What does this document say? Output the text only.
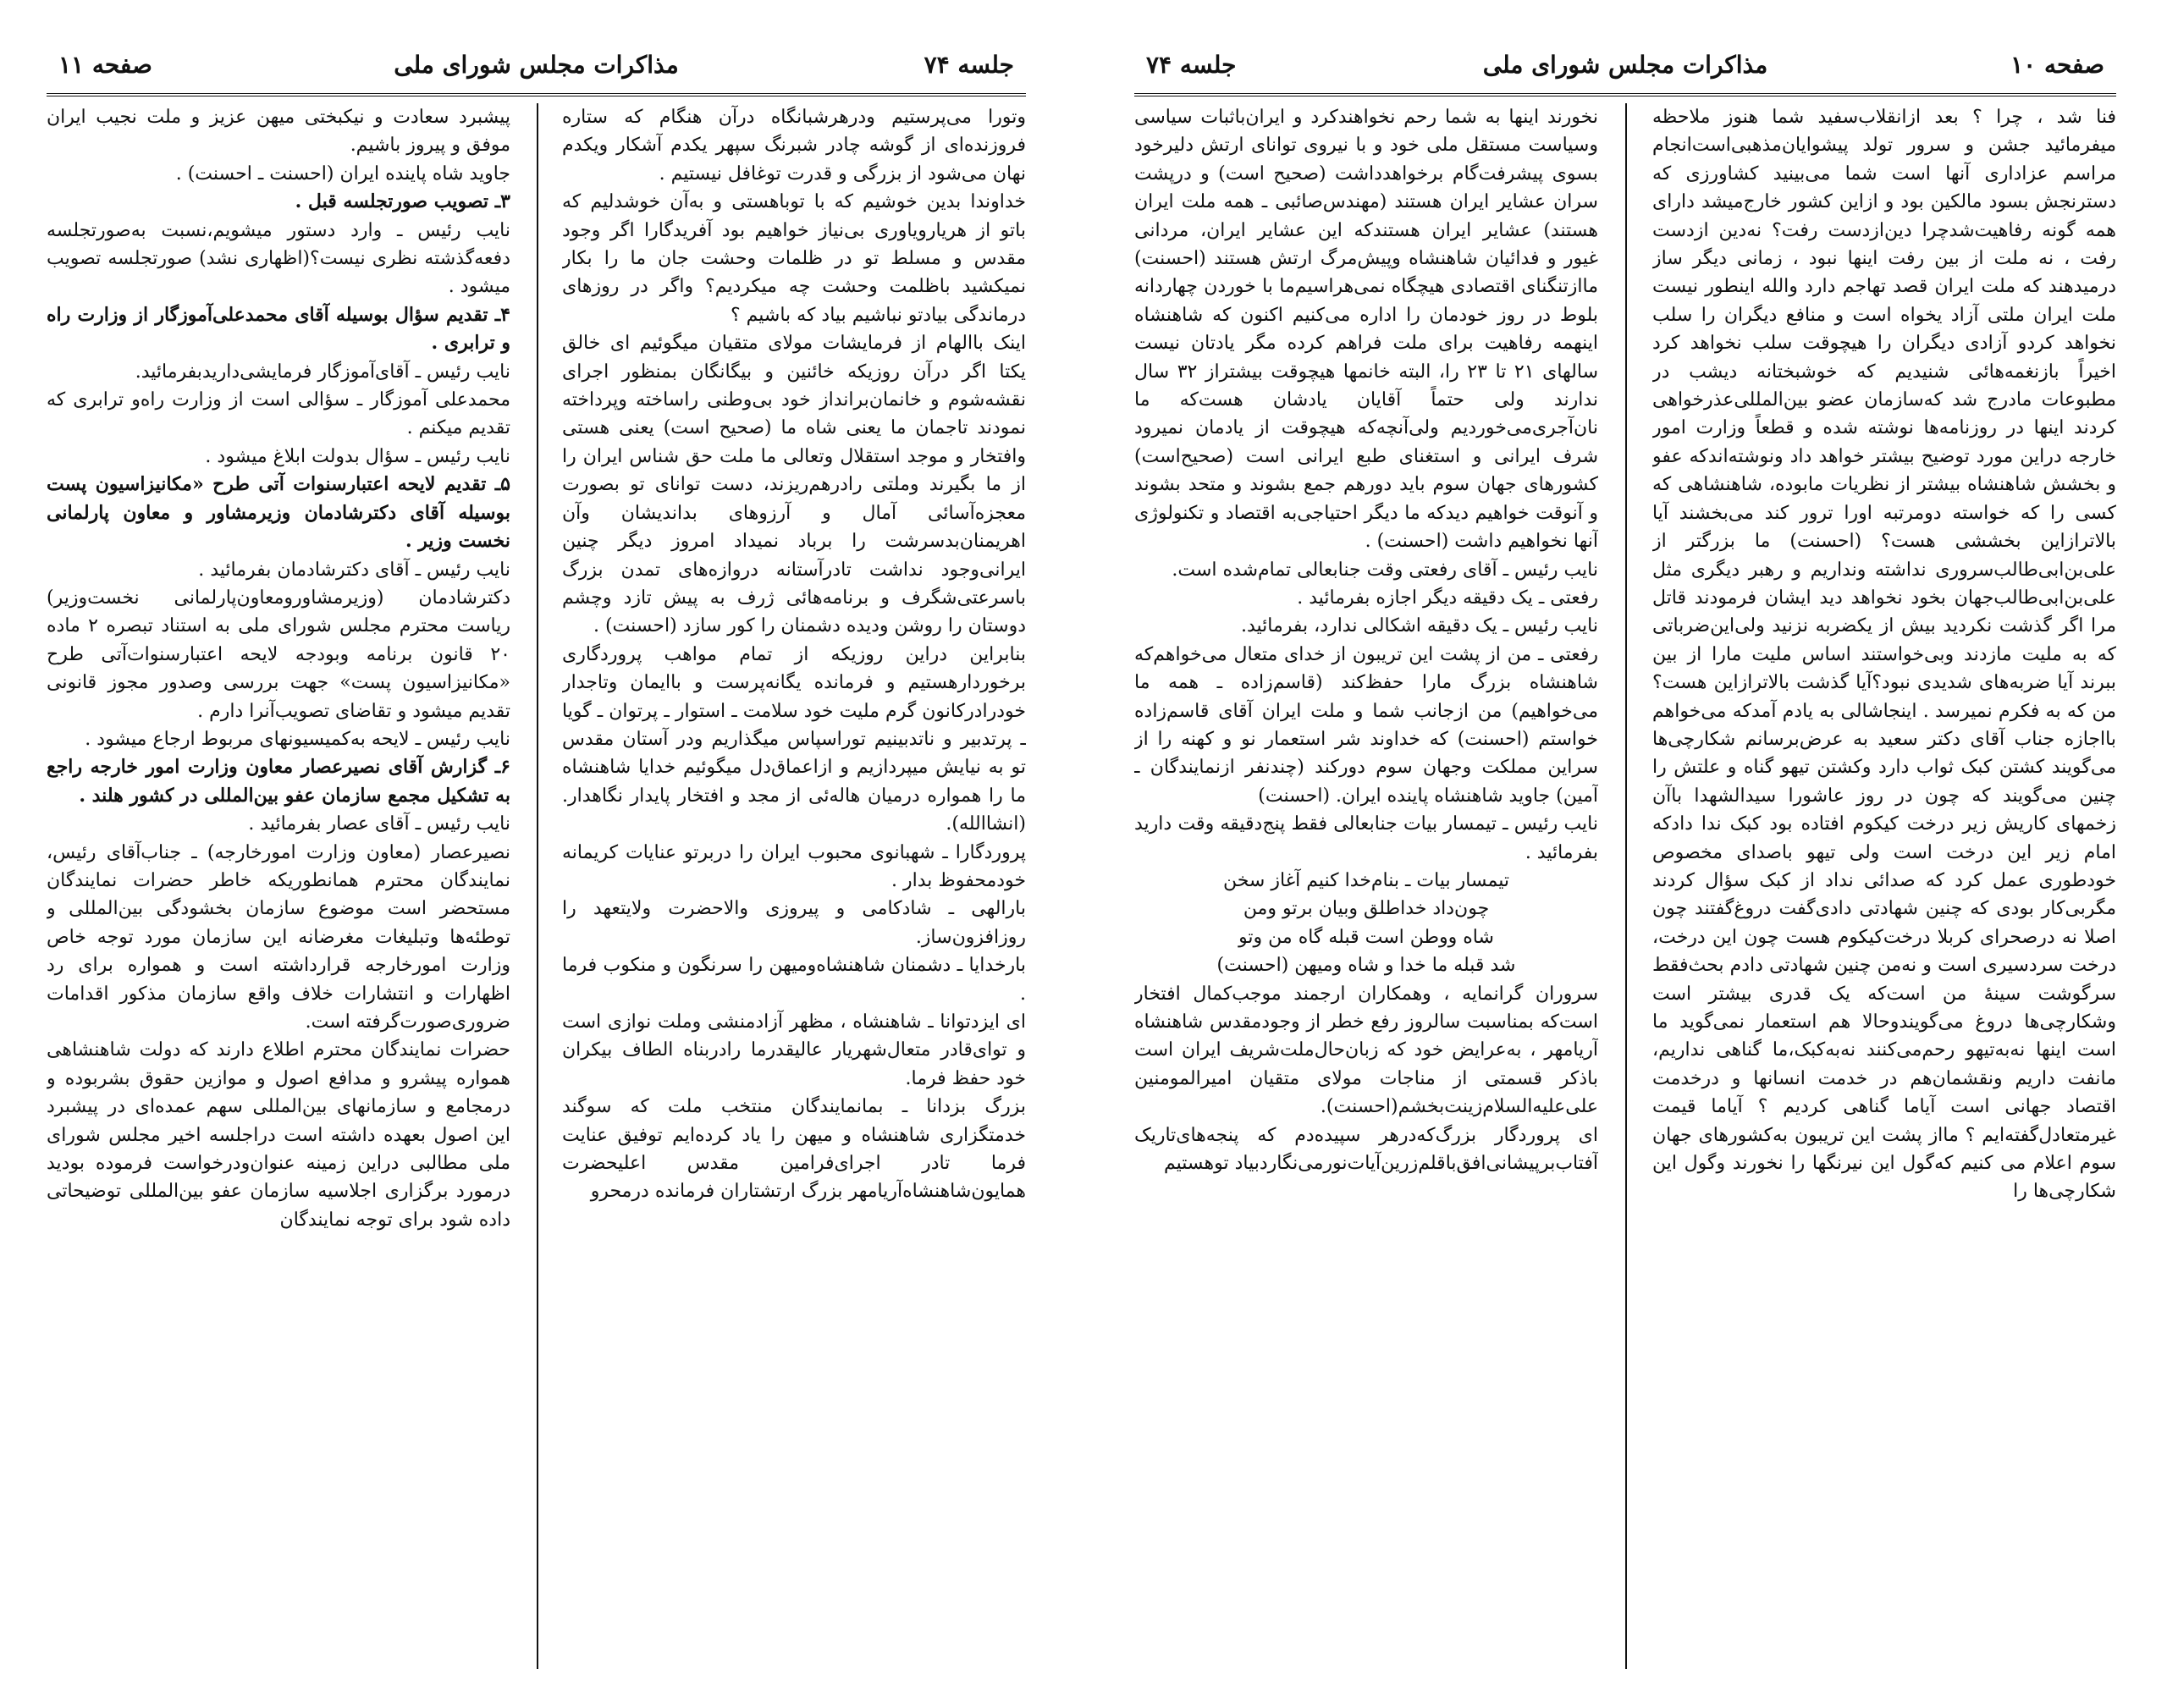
صفحه ۱۱	مذاکرات مجلس شورای ملی	جلسه ۷۴

وتورا می‌پرستیم ودرهرشبانگاه درآن هنگام که ستاره فروزنده‌ای از گوشه چادر شبرنگ سپهر یکدم آشکار ویکدم نهان می‌شود از بزرگی و قدرت توغافل نیستیم .

خداوندا بدین خوشیم که با توباهستی و به‌آن خوشدلیم که باتو از هریارویاوری بی‌نیاز خواهیم بود آفریدگارا اگر وجود مقدس و مسلط تو در ظلمات وحشت جان ما را بکار نمیکشید باظلمت وحشت چه میکردیم؟ واگر در روزهای درماندگی بیادتو نباشیم بیاد که باشیم ؟

اینک باالهام از فرمایشات مولای متقیان میگوئیم ای خالق یکتا اگر درآن روزیکه خائنین و بیگانگان بمنظور اجرای نقشه‌شوم و خانمان‌برانداز خود بی‌وطنی راساخته وپرداخته نمودند تاجمان ما یعنی شاه ما (صحیح است) یعنی هستی وافتخار و موجد استقلال وتعالی ما ملت حق شناس ایران را از ما بگیرند وملتی رادرهم‌ریزند، دست توانای تو بصورت معجزه‌آسائی آمال و آرزوهای بداندیشان وآن اهریمنان‌بدسرشت را برباد نمیداد امروز دیگر چنین ایرانی‌وجود نداشت تادرآستانه دروازه‌های تمدن بزرگ باسرعتی‌شگرف و برنامه‌هائی ژرف به پیش تازد وچشم دوستان را روشن ودیده دشمنان را کور سازد (احسنت) .

بنابراین دراین روزیکه از تمام مواهب پروردگاری برخوردارهستیم و فرمانده یگانه‌پرست و باایمان وتاجدار خودرادرکانون گرم ملیت خود سلامت ـ استوار ـ پرتوان ـ گویا ـ پرتدبیر و ناتدبینیم توراسپاس میگذاریم ودر آستان مقدس تو به نیایش میپردازیم و ازاعماق‌دل میگوئیم خدایا شاهنشاه ما را همواره درمیان هاله‌ئی از مجد و افتخار پایدار نگاهدار. (انشاالله).

پروردگارا ـ شهبانوی محبوب ایران را دربرتو عنایات کریمانه خودمحفوظ بدار .

بارالهی ـ شادکامی و پیروزی والاحضرت ولایتعهد را روزافزون‌ساز.

بارخدایا ـ دشمنان شاهنشاه‌ومیهن را سرنگون و منکوب فرما .

ای ایزدتوانا ـ شاهنشاه ، مظهر آزادمنشی وملت نوازی است و توای‌قادر متعال‌شهریار عالیقدرما رادربناه الطاف بیکران خود حفظ فرما.

بزرگ بزدانا ـ بمانمایندگان منتخب ملت که سوگند خدمتگزاری شاهنشاه و میهن را یاد کرده‌ایم توفیق عنایت فرما تادر اجرای‌فرامین مقدس اعلیحضرت همایون‌شاهنشاه‌آریامهر بزرگ ارتشتاران فرمانده درمحرو

پیشبرد سعادت و نیکبختی میهن عزیز و ملت نجیب ایران موفق و پیروز باشیم.

جاوید شاه پاینده ایران (احسنت ـ احسنت) .

۳ـ تصویب صورتجلسه قبل .

نایب رئیس ـ وارد دستور میشویم،نسبت به‌صورتجلسه دفعه‌گذشته نظری نیست؟(اظهاری نشد) صورتجلسه تصویب میشود .

۴ـ تقدیم سؤال بوسیله آقای محمدعلی‌آموزگار از وزارت راه و ترابری .

نایب رئیس ـ آقای‌آموزگار فرمایشی‌داریدبفرمائید.

محمدعلی آموزگار ـ سؤالی است از وزارت راه‌و ترابری که تقدیم میکنم .

نایب رئیس ـ سؤال بدولت ابلاغ میشود .

۵ـ تقدیم لایحه اعتبارسنوات آتی طرح «مکانیزاسیون پست بوسیله آقای دکترشادمان وزیرمشاور و معاون پارلمانی نخست وزیر .

نایب رئیس ـ آقای دکترشادمان بفرمائید .

دکترشادمان (وزیرمشاورومعاون‌پارلمانی نخست‌وزیر) ریاست محترم مجلس شورای ملی به استناد تبصره ۲ ماده ۲۰ قانون برنامه وبودجه لایحه اعتبارسنوات‌آتی طرح «مکانیزاسیون پست» جهت بررسی وصدور مجوز قانونی تقدیم میشود و تقاضای تصویب‌آنرا دارم .

نایب رئیس ـ لایحه به‌کمیسیونهای مربوط ارجاع میشود .

۶ـ گزارش آقای نصیرعصار معاون وزارت امور خارجه راجع به تشکیل مجمع سازمان عفو بین‌المللی در کشور هلند .

نایب رئیس ـ آقای عصار بفرمائید .

نصیرعصار (معاون وزارت امورخارجه) ـ جناب‌آقای رئیس، نمایندگان محترم همانطوریکه خاطر حضرات نمایندگان مستحضر است موضوع سازمان بخشودگی بین‌المللی و توطئه‌ها وتبلیغات مغرضانه این سازمان مورد توجه خاص وزارت امورخارجه قرارداشته است و همواره برای رد اظهارات و انتشارات خلاف واقع سازمان مذکور اقدامات ضروری‌صورت‌گرفته است.

حضرات نمایندگان محترم اطلاع دارند که دولت شاهنشاهی همواره پیشرو و مدافع اصول و موازین حقوق بشربوده و درمجامع و سازمانهای بین‌المللی سهم عمده‌ای در پیشبرد این اصول بعهده داشته است دراجلسه اخیر مجلس شورای ملی مطالبی دراین زمینه عنوان‌ودرخواست فرموده بودید درمورد برگزاری اجلاسیه سازمان عفو بین‌المللی توضیحاتی داده شود برای توجه نمایندگان

جلسه ۷۴	مذاکرات مجلس شورای ملی	صفحه ۱۰

فنا شد ، چرا ؟ بعد ازانقلاب‌سفید شما هنوز ملاحظه میفرمائید جشن و سرور تولد پیشوایان‌مذهبی‌است‌انجام مراسم عزاداری آنها است شما می‌بینید کشاورزی که دسترنجش بسود مالکین بود و ازاین کشور خارج‌میشد دارای همه گونه رفاهیت‌شدچرا دین‌ازدست رفت؟ نه‌دین ازدست رفت ، نه ملت از بین رفت اینها نبود ، زمانی دیگر ساز درمیدهند که ملت ایران قصد تهاجم دارد والله اینطور نیست ملت ایران ملتی آزاد یخواه است و منافع دیگران را سلب نخواهد کردو آزادی دیگران را هیچوقت سلب نخواهد کرد اخیراً بازنغمه‌هائی شنیدیم که خوشبختانه دیشب در مطبوعات مادرج شد که‌سازمان عضو بین‌المللی‌عذرخواهی کردند اینها در روزنامه‌ها نوشته شده و قطعاً وزارت امور خارجه دراین مورد توضیح بیشتر خواهد داد ونوشته‌اندکه عفو و بخشش شاهنشاه بیشتر از نظریات مابوده، شاهنشاهی که کسی را که خواسته دومرتبه اورا ترور کند می‌بخشند آیا بالاترازاین بخششی هست؟ (احسنت) ما بزرگتر از علی‌بن‌ابی‌طالب‌سروری نداشته ونداریم و رهبر دیگری مثل علی‌بن‌ابی‌طالب‌جهان بخود نخواهد دید ایشان فرمودند قاتل مرا اگر گذشت نکردید بیش از یکضربه نزنید ولی‌این‌ضرباتی که به ملیت مازدند وبی‌خواستند اساس ملیت مارا از بین ببرند آیا ضربه‌های شدیدی نبود؟آیا گذشت بالاترازاین هست؟ من که به فکرم نمیرسد . اینجاشالی به یادم آمدکه می‌خواهم بااجازه جناب آقای دکتر سعید به عرض‌برسانم شکارچی‌ها می‌گویند کشتن کبک ثواب دارد وکشتن تیهو گناه و علتش را چنین می‌گویند که چون در روز عاشورا سیدالشهدا باآن زخمهای کاریش زیر درخت کیکوم افتاده بود کبک ندا دادکه امام زیر این درخت است ولی تیهو باصدای مخصوص خودطوری عمل کرد که صدائی نداد از کبک سؤال کردند مگربی‌کار بودی که چنین شهادتی دادی‌گفت دروغ‌گفتند چون اصلا نه درصحرای کربلا درخت‌کیکوم هست چون این درخت، درخت سردسیری است و نه‌من چنین شهادتی دادم بحث‌فقط سرگوشت سینهٔ من است‌که یک قدری بیشتر است وشکارچی‌ها دروغ می‌گویندوحالا هم استعمار نمی‌گوید ما است اینها نه‌به‌تیهو رحم‌می‌کنند نه‌به‌کبک،ما گناهی نداریم، مانفت داریم ونقشمان‌هم در خدمت انسانها و درخدمت اقتصاد جهانی است آیاما گناهی کردیم ؟ آیاما قیمت غیرمتعادل‌گفته‌ایم ؟ مااز پشت این تریبون به‌کشورهای جهان سوم اعلام می کنیم که‌گول این نیرنگها را نخورند وگول این شکارچی‌ها را

نخورند اینها به شما رحم نخواهندکرد و ایران‌باثبات سیاسی وسیاست مستقل ملی خود و با نیروی توانای ارتش دلیرخود بسوی پیشرفت‌گام برخواهدداشت (صحیح است) و درپشت سران عشایر ایران هستند (مهندس‌صائبی ـ همه ملت ایران هستند) عشایر ایران هستندکه این عشایر ایران، مردانی غیور و فدائیان شاهنشاه وپیش‌مرگ ارتش هستند (احسنت) ماازتنگنای اقتصادی هیچگاه نمی‌هراسیم‌ما با خوردن چهاردانه بلوط در روز خودمان را اداره می‌کنیم اکنون که شاهنشاه اینهمه رفاهیت برای ملت فراهم کرده مگر یادتان نیست سالهای ۲۱ تا ۲۳ را، البته خانمها هیچوقت بیشتراز ۳۲ سال ندارند ولی حتماً آقایان یادشان هست‌که ما نان‌آجری‌می‌خوردیم ولی‌آنچه‌که هیچوقت از یادمان نمیرود شرف ایرانی و استغنای طبع ایرانی است (صحیح‌است) کشورهای جهان سوم باید دورهم جمع بشوند و متحد بشوند و آنوقت خواهیم دیدکه ما دیگر احتیاجی‌به اقتصاد و تکنولوژی آنها نخواهیم داشت (احسنت) .

نایب رئیس ـ آقای رفعتی وقت جنابعالی تمام‌شده است.

رفعتی ـ یک دقیقه دیگر اجازه بفرمائید .

نایب رئیس ـ یک دقیقه اشکالی ندارد، بفرمائید.

رفعتی ـ من از پشت این تریبون از خدای متعال می‌خواهم‌که شاهنشاه بزرگ مارا حفظ‌کند (قاسم‌زاده ـ همه ما می‌خواهیم) من ازجانب شما و ملت ایران آقای قاسم‌زاده خواستم (احسنت) که خداوند شر استعمار نو و کهنه را از سراین مملکت وجهان سوم دورکند (چندنفر ازنمایندگان ـ آمین) جاوید شاهنشاه پاینده ایران. (احسنت)

نایب رئیس ـ تیمسار بیات جنابعالی فقط پنج‌دقیقه وقت دارید بفرمائید .

تیمسار بیات ـ بنام‌خدا کنیم آغاز سخن

چون‌داد خداطلق وبیان برتو ومن

شاه ووطن است قبله گاه من وتو

شد قبله ما خدا و شاه ومیهن (احسنت)

سروران گرانمایه ، وهمکاران ارجمند موجب‌کمال افتخار است‌که بمناسبت سالروز رفع خطر از وجودمقدس شاهنشاه آریامهر ، به‌عرایض خود که زبان‌حال‌ملت‌شریف ایران است باذکر قسمتی از مناجات مولای متقیان امیرالمومنین علی‌علیه‌السلام‌زینت‌بخشم(احسنت).

ای پروردگار بزرگ‌که‌درهر سپیده‌دم که پنجه‌های‌تاریک آفتاب‌برپیشانی‌افق‌باقلم‌زرین‌آیات‌نورمی‌نگارد‌بیاد توهستیم
